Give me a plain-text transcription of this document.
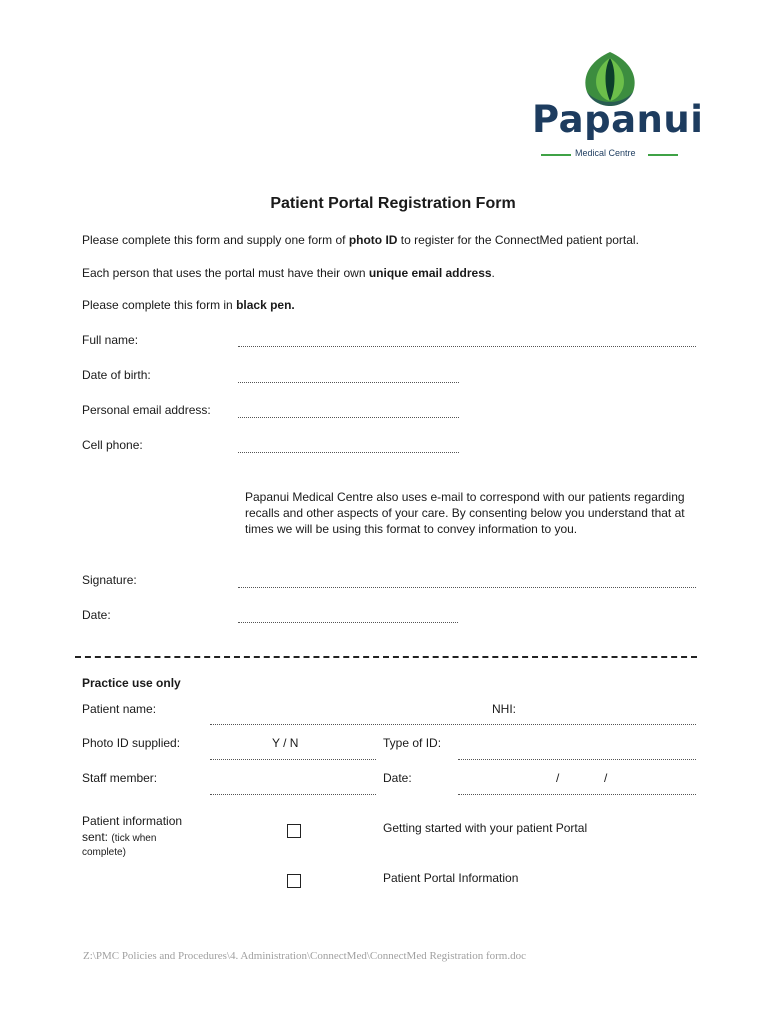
Papanui
Medical Centre
Patient Portal Registration Form
Please complete this form and supply one form of photo ID to register for the ConnectMed patient portal.
Each person that uses the portal must have their own unique email address.
Please complete this form in black pen.
Full name:
Date of birth:
Personal email address:
Cell phone:
Papanui Medical Centre also uses e-mail to correspond with our patients regarding recalls and other aspects of your care. By consenting below you understand that at times we will be using this format to convey information to you.
Signature:
Date:
Practice use only
Patient name:	NHI:
Photo ID supplied:	Y / N	Type of ID:
Staff member:	Date:	/	/
Patient information
sent: (tick when
complete)
Getting started with your patient Portal
Patient Portal Information
Z:\PMC Policies and Procedures\4. Administration\ConnectMed\ConnectMed Registration form.doc
